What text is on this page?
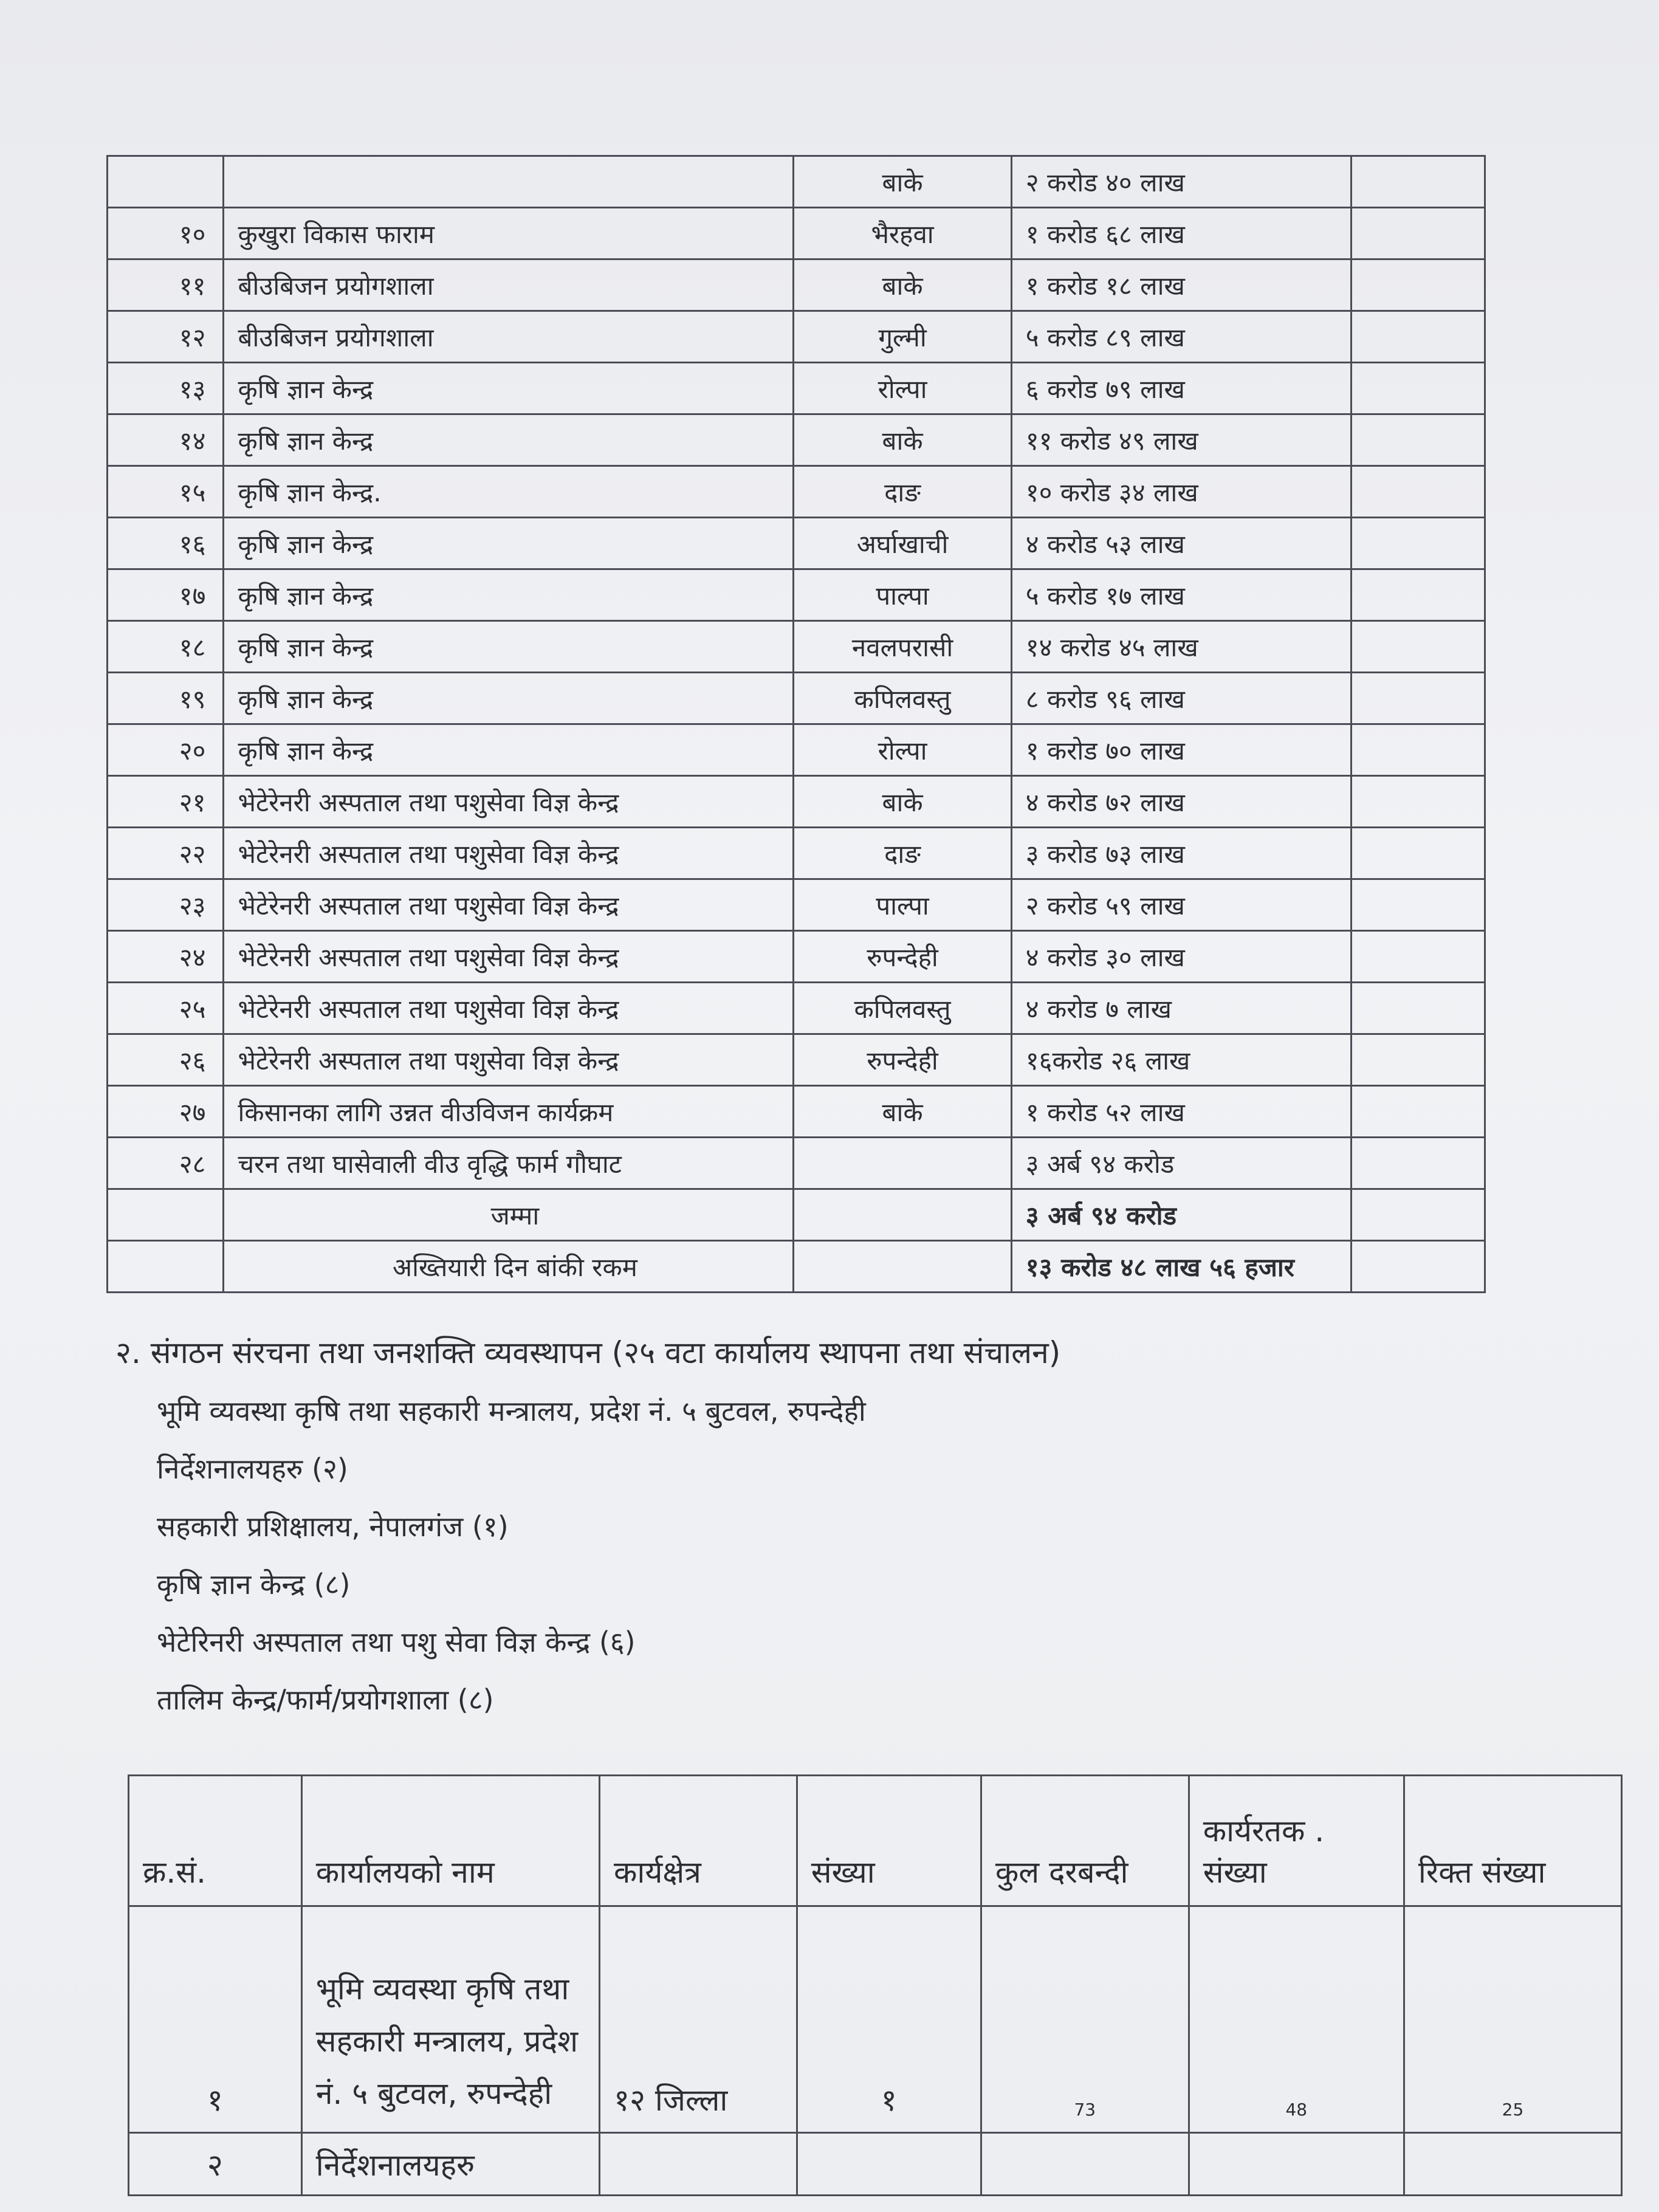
		बाके	२ करोड ४० लाख	
१०	कुखुरा विकास फाराम	भैरहवा	१ करोड ६८ लाख	
११	बीउबिजन प्रयोगशाला	बाके	१ करोड १८ लाख	
१२	बीउबिजन प्रयोगशाला	गुल्मी	५ करोड ८९ लाख	
१३	कृषि ज्ञान केन्द्र	रोल्पा	६ करोड ७९ लाख	
१४	कृषि ज्ञान केन्द्र	बाके	११ करोड ४९ लाख	
१५	कृषि ज्ञान केन्द्र.	दाङ	१० करोड ३४ लाख	
१६	कृषि ज्ञान केन्द्र	अर्घाखाची	४ करोड ५३ लाख	
१७	कृषि ज्ञान केन्द्र	पाल्पा	५ करोड १७ लाख	
१८	कृषि ज्ञान केन्द्र	नवलपरासी	१४ करोड ४५ लाख	
१९	कृषि ज्ञान केन्द्र	कपिलवस्तु	८ करोड ९६ लाख	
२०	कृषि ज्ञान केन्द्र	रोल्पा	१ करोड ७० लाख	
२१	भेटेरेनरी अस्पताल तथा पशुसेवा विज्ञ केन्द्र	बाके	४ करोड ७२ लाख	
२२	भेटेरेनरी अस्पताल तथा पशुसेवा विज्ञ केन्द्र	दाङ	३ करोड ७३ लाख	
२३	भेटेरेनरी अस्पताल तथा पशुसेवा विज्ञ केन्द्र	पाल्पा	२ करोड ५९ लाख	
२४	भेटेरेनरी अस्पताल तथा पशुसेवा विज्ञ केन्द्र	रुपन्देही	४ करोड ३० लाख	
२५	भेटेरेनरी अस्पताल तथा पशुसेवा विज्ञ केन्द्र	कपिलवस्तु	४ करोड ७ लाख	
२६	भेटेरेनरी अस्पताल तथा पशुसेवा विज्ञ केन्द्र	रुपन्देही	१६करोड २६ लाख	
२७	किसानका लागि उन्नत वीउविजन कार्यक्रम	बाके	१ करोड ५२ लाख	
२८	चरन तथा घासेवाली वीउ वृद्धि फार्म गौघाट		३ अर्ब ९४ करोड	
	जम्मा		३ अर्ब ९४ करोड	
	अख्तियारी दिन बांकी रकम		१३ करोड ४८ लाख ५६ हजार	
२. संगठन संरचना तथा जनशक्ति व्यवस्थापन (२५ वटा कार्यालय स्थापना तथा संचालन)
भूमि व्यवस्था कृषि तथा सहकारी मन्त्रालय, प्रदेश नं. ५ बुटवल, रुपन्देही
निर्देशनालयहरु (२)
सहकारी प्रशिक्षालय, नेपालगंज (१)
कृषि ज्ञान केन्द्र (८)
भेटेरिनरी अस्पताल तथा पशु सेवा विज्ञ केन्द्र (६)
तालिम केन्द्र/फार्म/प्रयोगशाला (८)
क्र.सं.	कार्यालयको नाम	कार्यक्षेत्र	संख्या	कुल दरबन्दी	कार्यरतक . संख्या	रिक्त संख्या
१	भूमि व्यवस्था कृषि तथा सहकारी मन्त्रालय, प्रदेश नं. ५ बुटवल, रुपन्देही	१२ जिल्ला	१	73	48	25
२	निर्देशनालयहरु					
